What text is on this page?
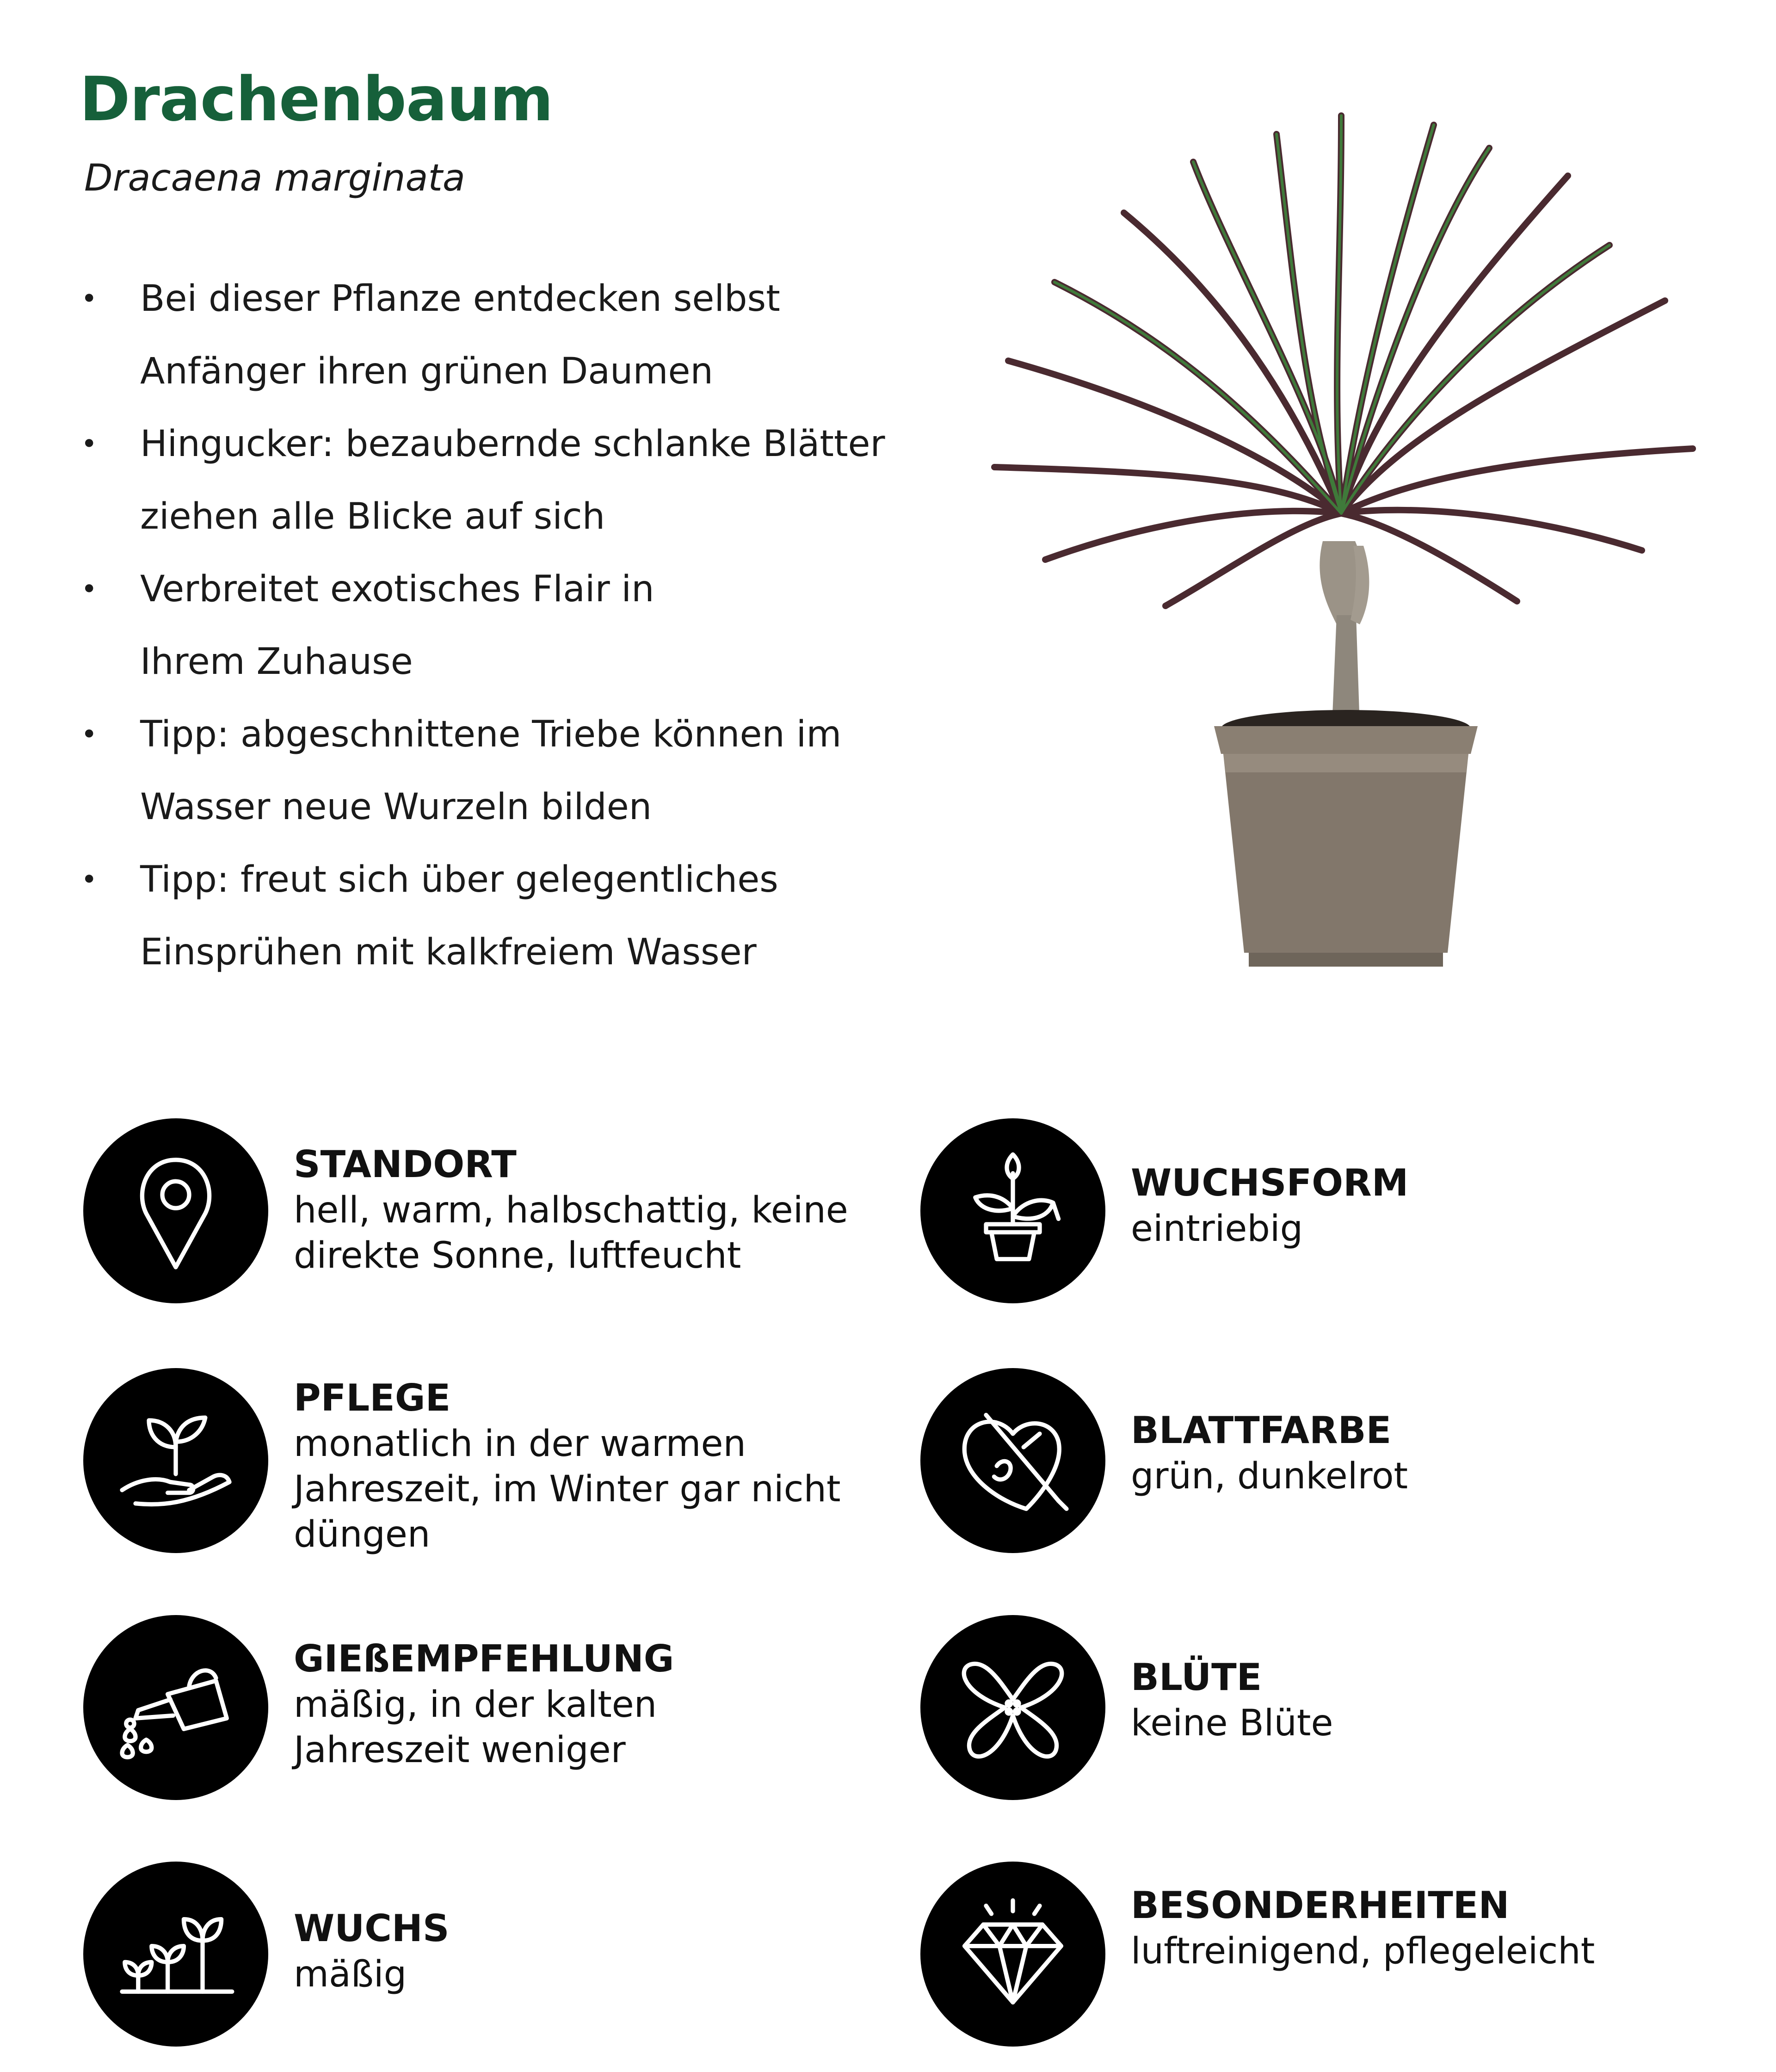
Drachenbaum
Dracaena marginata
• Bei dieser Pflanze entdecken selbst
Anfänger ihren grünen Daumen
• Hingucker: bezaubernde schlanke Blätter
ziehen alle Blicke auf sich
• Verbreitet exotisches Flair in
Ihrem Zuhause
• Tipp: abgeschnittene Triebe können im
Wasser neue Wurzeln bilden
• Tipp: freut sich über gelegentliches
Einsprühen mit kalkfreiem Wasser
STANDORT
hell, warm, halbschattig, keine
direkte Sonne, luftfeucht
PFLEGE
monatlich in der warmen
Jahreszeit, im Winter gar nicht
düngen
GIEßEMPFEHLUNG
mäßig, in der kalten
Jahreszeit weniger
WUCHS
mäßig
WUCHSFORM
eintriebig
BLATTFARBE
grün, dunkelrot
BLÜTE
keine Blüte
BESONDERHEITEN
luftreinigend, pflegeleicht
